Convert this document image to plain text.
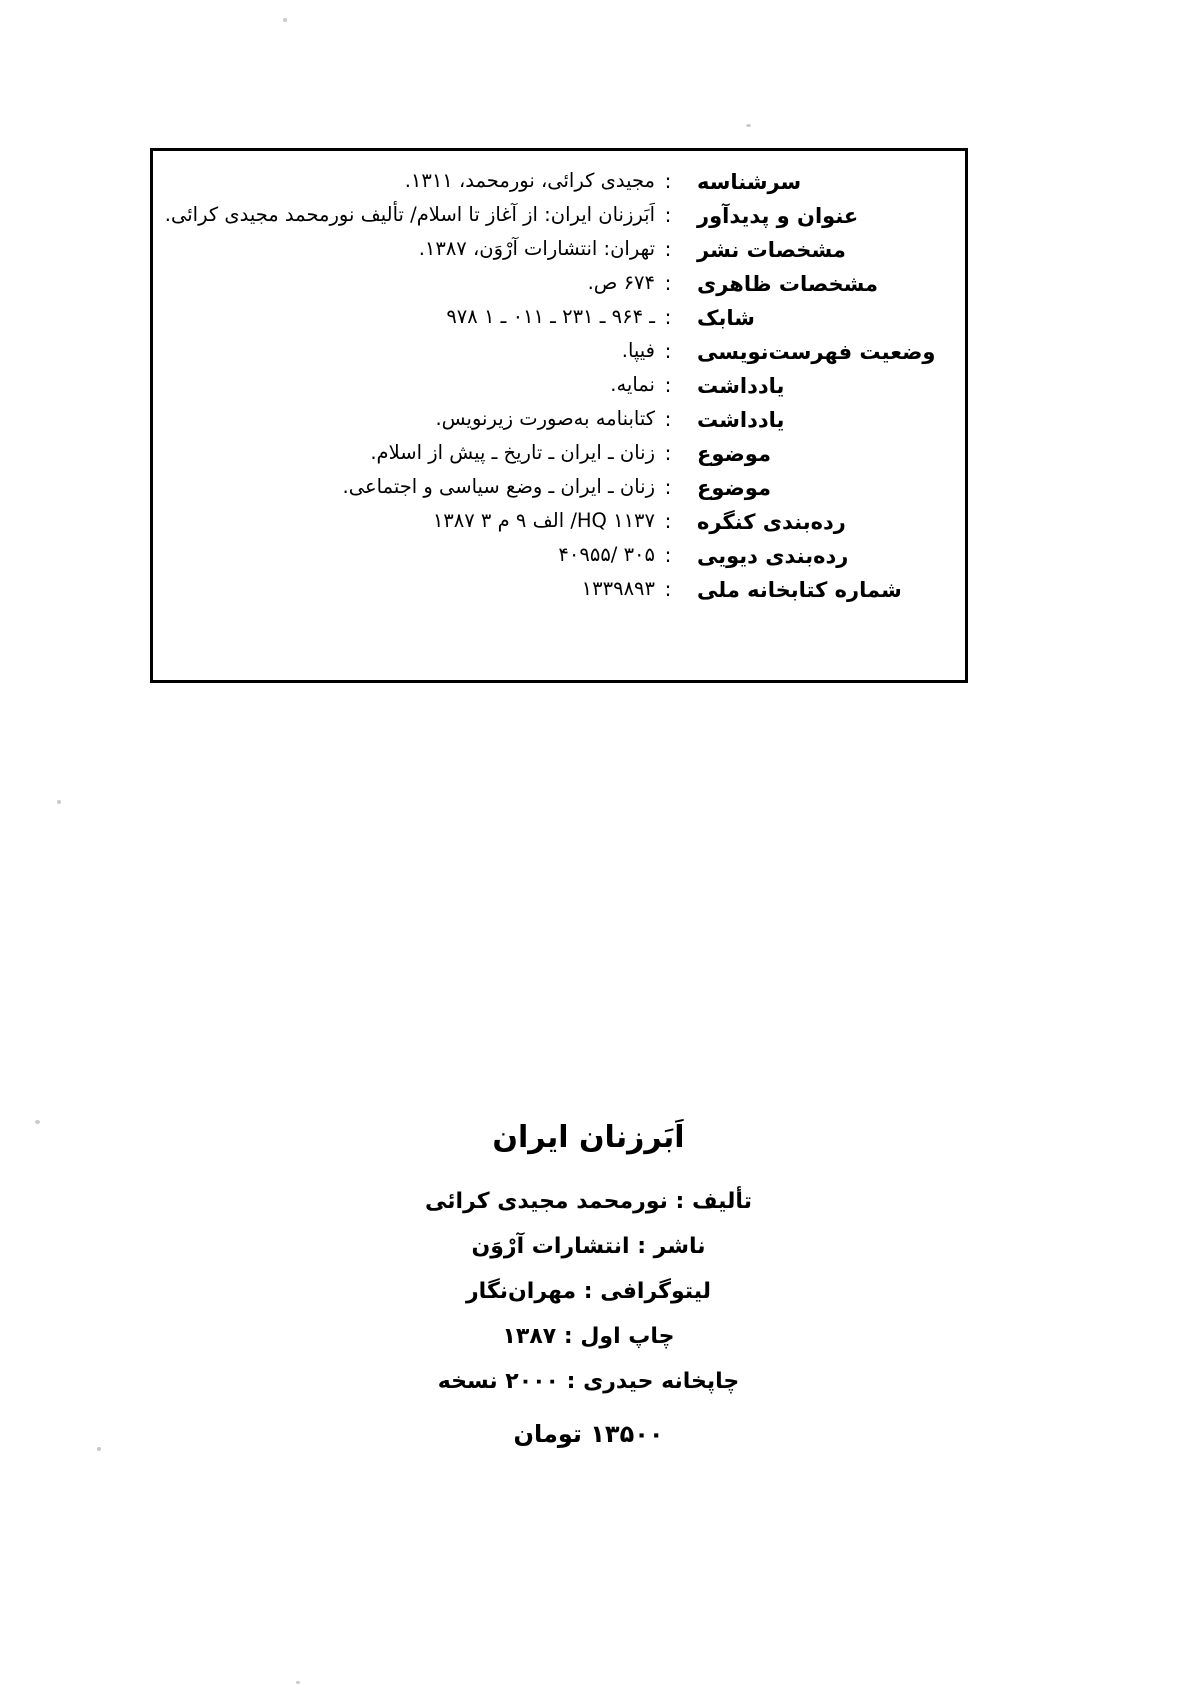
سرشناسه	:	مجیدی کرائی، نورمحمد، ۱۳۱۱.
عنوان و پدیدآور	:	اَبَرزنان ایران: از آغاز تا اسلام/ تألیف نورمحمد مجیدی کرائی.
مشخصات نشر	:	تهران: انتشارات آرْوَن، ۱۳۸۷.
مشخصات ظاهری	:	۶۷۴ ص.
شابک	:	۹۷۸ ـ ۹۶۴ ـ ۲۳۱ ـ ۰۱۱ ـ ۱
وضعیت فهرست‌نویسی	:	فیپا.
یادداشت	:	نمایه.
یادداشت	:	کتابنامه به‌صورت زیرنویس.
موضوع	:	زنان ـ ایران ـ تاریخ ـ پیش از اسلام.
موضوع	:	زنان ـ ایران ـ وضع سیاسی و اجتماعی.
رده‌بندی کنگره	:	HQ ۱۱۳۷/ الف ۹ م ۳ ۱۳۸۷
رده‌بندی دیویی	:	۳۰۵ /۴۰۹۵۵
شماره کتابخانه ملی	:	۱۳۳۹۸۹۳
اَبَرزنان ایران
تألیف : نورمحمد مجیدی کرائی
ناشر : انتشارات آرْوَن
لیتوگرافی : مهران‌نگار
چاپ اول : ۱۳۸۷
چاپخانه حیدری : ۲۰۰۰ نسخه
۱۳۵۰۰ تومان
